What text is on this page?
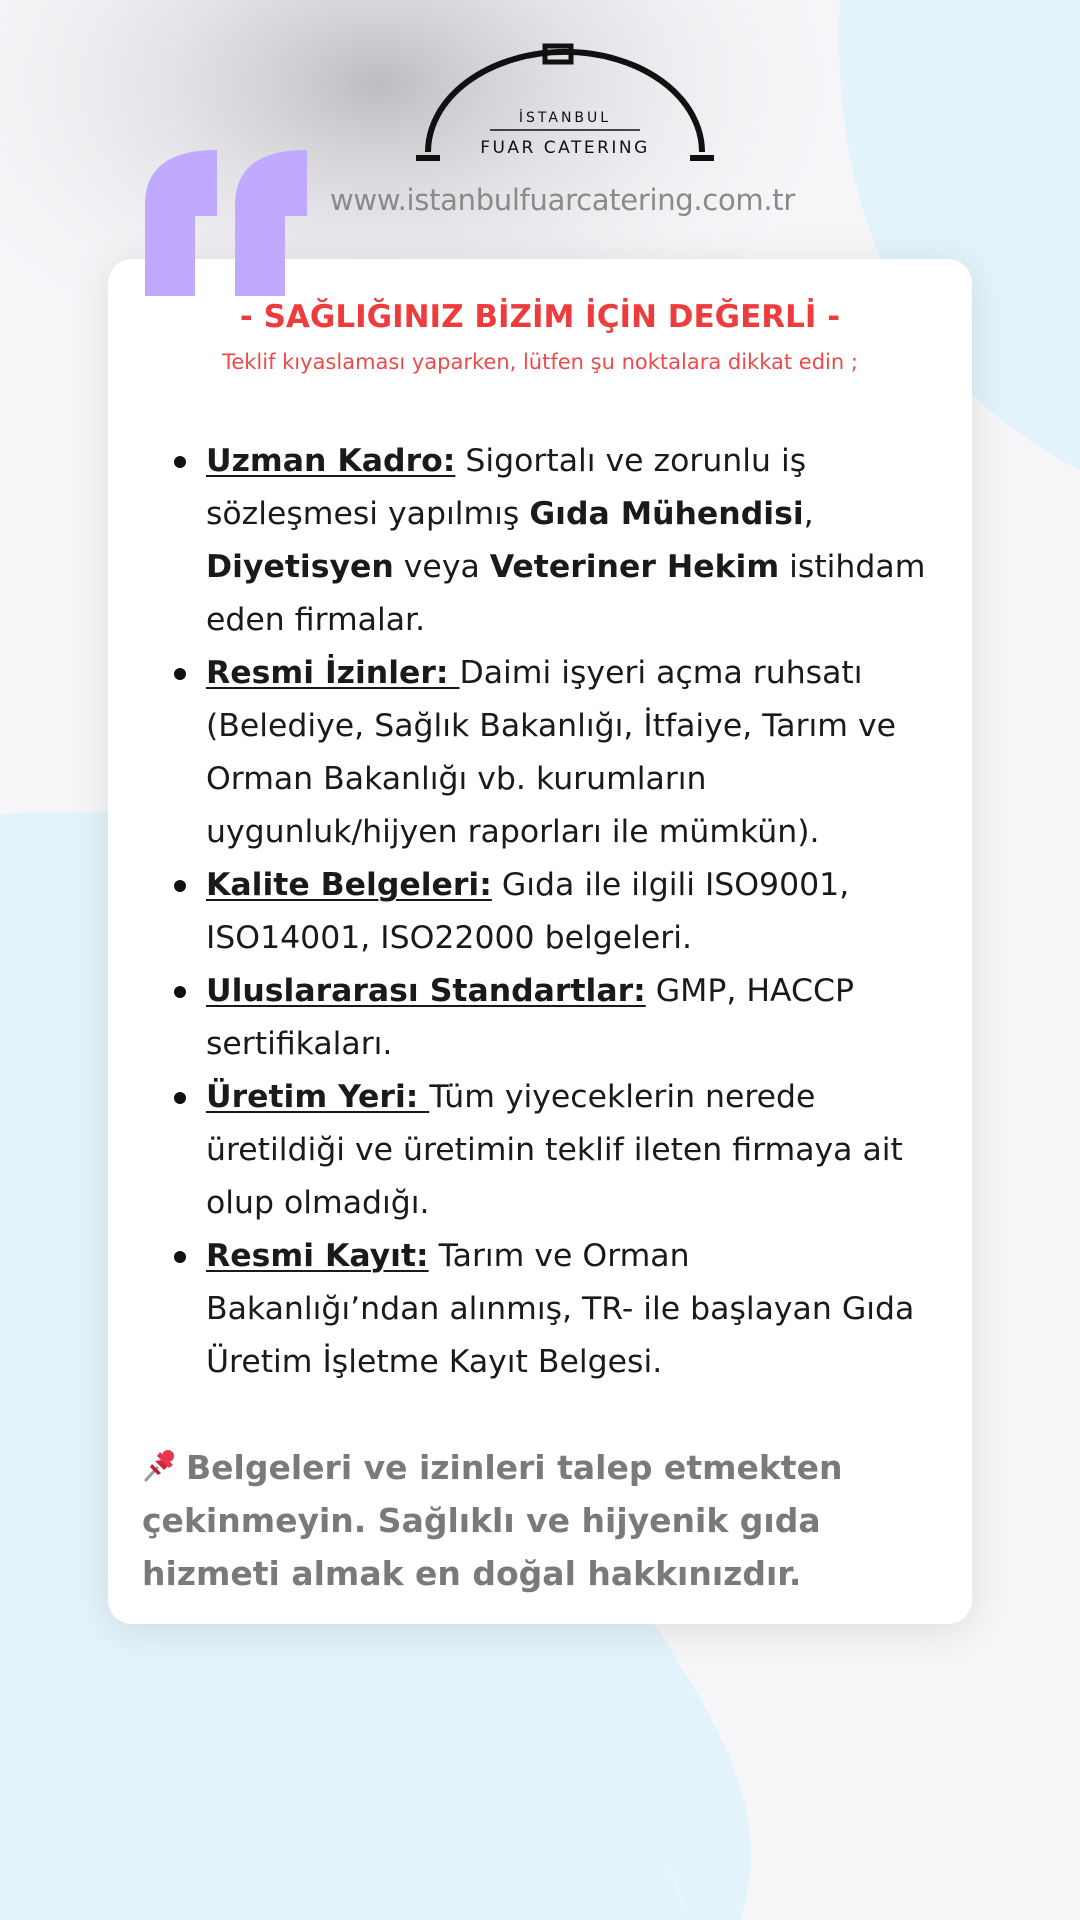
İSTANBUL
FUAR CATERING
www.istanbulfuarcatering.com.tr
- SAĞLIĞINIZ BİZİM İÇİN DEĞERLİ -
Teklif kıyaslaması yaparken, lütfen şu noktalara dikkat edin ;
Uzman Kadro: Sigortalı ve zorunlu iş sözleşmesi yapılmış Gıda Mühendisi, Diyetisyen veya Veteriner Hekim istihdam eden firmalar.
Resmi İzinler: Daimi işyeri açma ruhsatı (Belediye, Sağlık Bakanlığı, İtfaiye, Tarım ve Orman Bakanlığı vb. kurumların uygunluk/hijyen raporları ile mümkün).
Kalite Belgeleri: Gıda ile ilgili ISO9001, ISO14001, ISO22000 belgeleri.
Uluslararası Standartlar: GMP, HACCP sertifikaları.
Üretim Yeri: Tüm yiyeceklerin nerede üretildiği ve üretimin teklif ileten firmaya ait olup olmadığı.
Resmi Kayıt: Tarım ve Orman Bakanlığı’ndan alınmış, TR- ile başlayan Gıda Üretim İşletme Kayıt Belgesi.
Belgeleri ve izinleri talep etmekten çekinmeyin. Sağlıklı ve hijyenik gıda hizmeti almak en doğal hakkınızdır.
